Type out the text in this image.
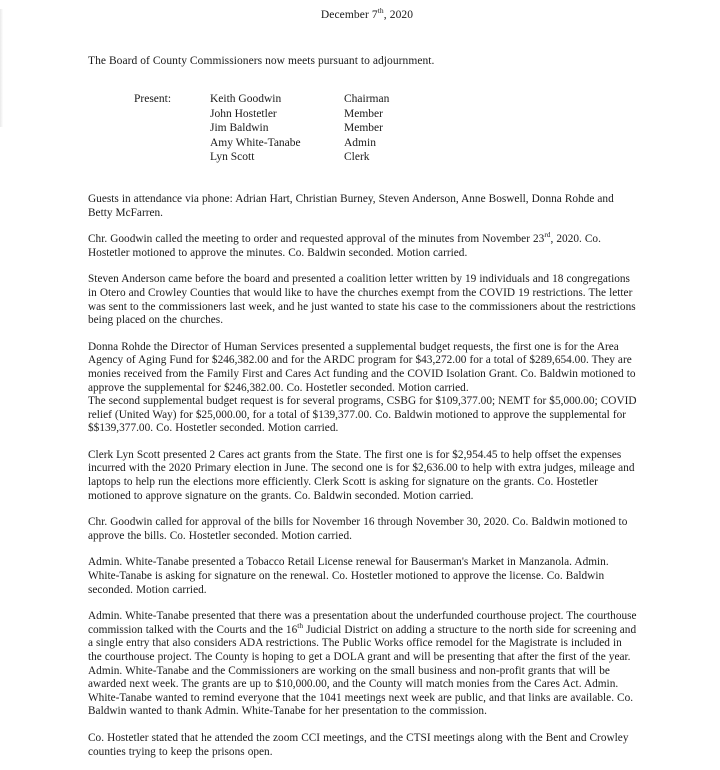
December 7th, 2020
The Board of County Commissioners now meets pursuant to adjournment.
Present:	Keith Goodwin	Chairman
John Hostetler	Member
Jim Baldwin	Member
Amy White-Tanabe	Admin
Lyn Scott	Clerk

Guests in attendance via phone: Adrian Hart, Christian Burney, Steven Anderson, Anne Boswell, Donna Rohde and Betty McFarren.

Chr. Goodwin called the meeting to order and requested approval of the minutes from November 23rd, 2020. Co. Hostetler motioned to approve the minutes. Co. Baldwin seconded. Motion carried.

Steven Anderson came before the board and presented a coalition letter written by 19 individuals and 18 congregations in Otero and Crowley Counties that would like to have the churches exempt from the COVID 19 restrictions. The letter was sent to the commissioners last week, and he just wanted to state his case to the commissioners about the restrictions being placed on the churches.

Donna Rohde the Director of Human Services presented a supplemental budget requests, the first one is for the Area Agency of Aging Fund for $246,382.00 and for the ARDC program for $43,272.00 for a total of $289,654.00. They are monies received from the Family First and Cares Act funding and the COVID Isolation Grant. Co. Baldwin motioned to approve the supplemental for $246,382.00. Co. Hostetler seconded. Motion carried.

The second supplemental budget request is for several programs, CSBG for $109,377.00; NEMT for $5,000.00; COVID relief (United Way) for $25,000.00, for a total of $139,377.00. Co. Baldwin motioned to approve the supplemental for $$139,377.00. Co. Hostetler seconded. Motion carried.

Clerk Lyn Scott presented 2 Cares act grants from the State. The first one is for $2,954.45 to help offset the expenses incurred with the 2020 Primary election in June. The second one is for $2,636.00 to help with extra judges, mileage and laptops to help run the elections more efficiently. Clerk Scott is asking for signature on the grants. Co. Hostetler motioned to approve signature on the grants. Co. Baldwin seconded. Motion carried.

Chr. Goodwin called for approval of the bills for November 16 through November 30, 2020. Co. Baldwin motioned to approve the bills. Co. Hostetler seconded. Motion carried.

Admin. White-Tanabe presented a Tobacco Retail License renewal for Bauserman's Market in Manzanola. Admin. White-Tanabe is asking for signature on the renewal. Co. Hostetler motioned to approve the license. Co. Baldwin seconded. Motion carried.

Admin. White-Tanabe presented that there was a presentation about the underfunded courthouse project. The courthouse commission talked with the Courts and the 16th Judicial District on adding a structure to the north side for screening and a single entry that also considers ADA restrictions. The Public Works office remodel for the Magistrate is included in the courthouse project. The County is hoping to get a DOLA grant and will be presenting that after the first of the year. Admin. White-Tanabe and the Commissioners are working on the small business and non-profit grants that will be awarded next week. The grants are up to $10,000.00, and the County will match monies from the Cares Act. Admin. White-Tanabe wanted to remind everyone that the 1041 meetings next week are public, and that links are available. Co. Baldwin wanted to thank Admin. White-Tanabe for her presentation to the commission.

Co. Hostetler stated that he attended the zoom CCI meetings, and the CTSI meetings along with the Bent and Crowley counties trying to keep the prisons open.
